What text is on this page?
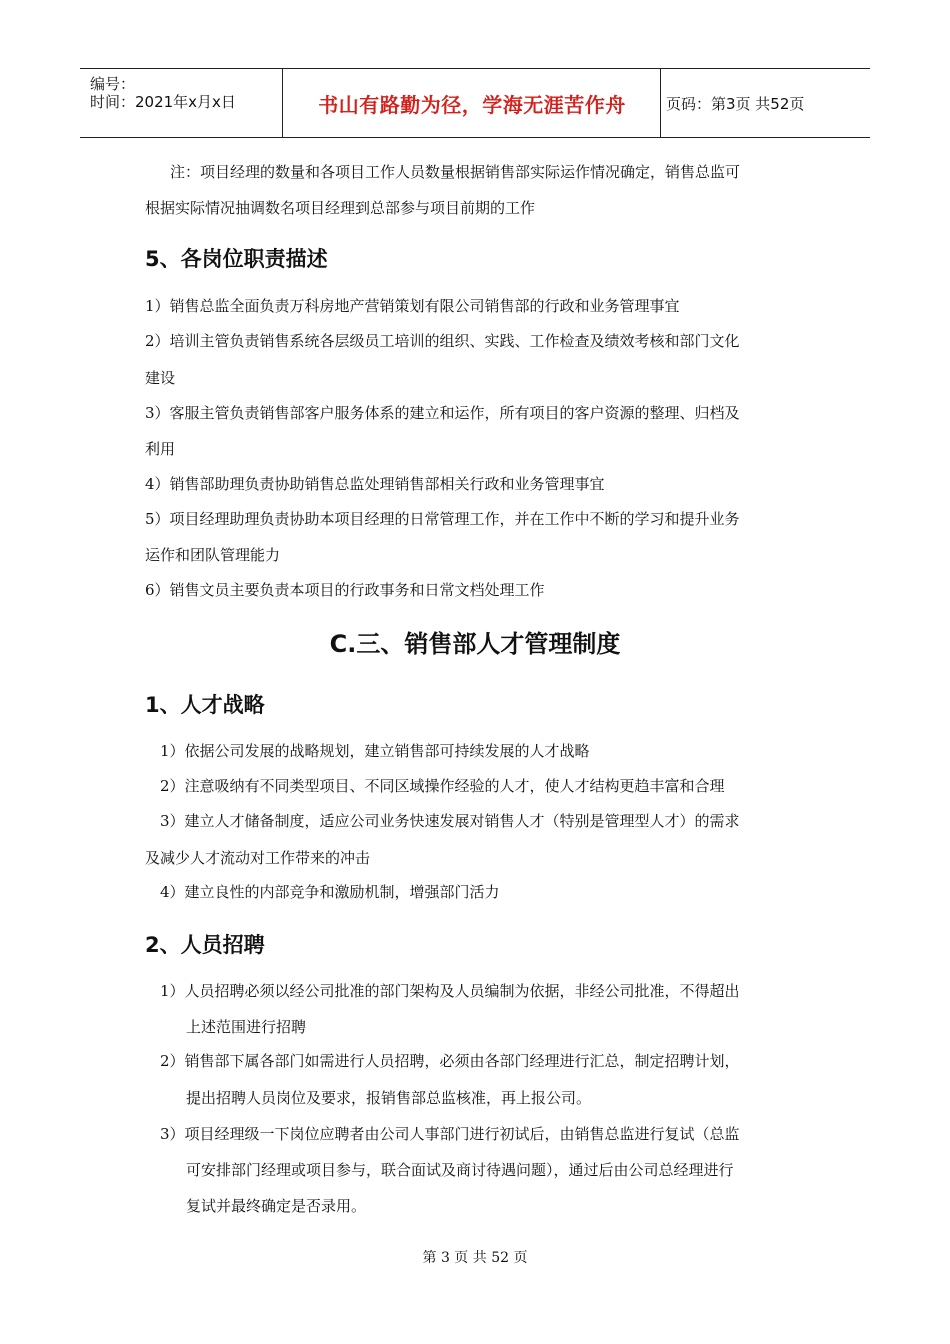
编号：
时间：2021年x月x日	书山有路勤为径，学海无涯苦作舟	页码：第3页 共52页
注：项目经理的数量和各项目工作人员数量根据销售部实际运作情况确定，销售总监可
根据实际情况抽调数名项目经理到总部参与项目前期的工作
5、各岗位职责描述
1）销售总监全面负责万科房地产营销策划有限公司销售部的行政和业务管理事宜
2）培训主管负责销售系统各层级员工培训的组织、实践、工作检查及绩效考核和部门文化
建设
3）客服主管负责销售部客户服务体系的建立和运作，所有项目的客户资源的整理、归档及
利用
4）销售部助理负责协助销售总监处理销售部相关行政和业务管理事宜
5）项目经理助理负责协助本项目经理的日常管理工作，并在工作中不断的学习和提升业务
运作和团队管理能力
6）销售文员主要负责本项目的行政事务和日常文档处理工作
C.三、销售部人才管理制度
1、人才战略
1）依据公司发展的战略规划，建立销售部可持续发展的人才战略
2）注意吸纳有不同类型项目、不同区域操作经验的人才，使人才结构更趋丰富和合理
3）建立人才储备制度，适应公司业务快速发展对销售人才（特别是管理型人才）的需求
及减少人才流动对工作带来的冲击
4）建立良性的内部竞争和激励机制，增强部门活力
2、人员招聘
1）人员招聘必须以经公司批准的部门架构及人员编制为依据，非经公司批准，不得超出
上述范围进行招聘
2）销售部下属各部门如需进行人员招聘，必须由各部门经理进行汇总，制定招聘计划，
提出招聘人员岗位及要求，报销售部总监核准，再上报公司。
3）项目经理级一下岗位应聘者由公司人事部门进行初试后，由销售总监进行复试（总监
可安排部门经理或项目参与，联合面试及商讨待遇问题），通过后由公司总经理进行
复试并最终确定是否录用。
第 3 页 共 52 页
